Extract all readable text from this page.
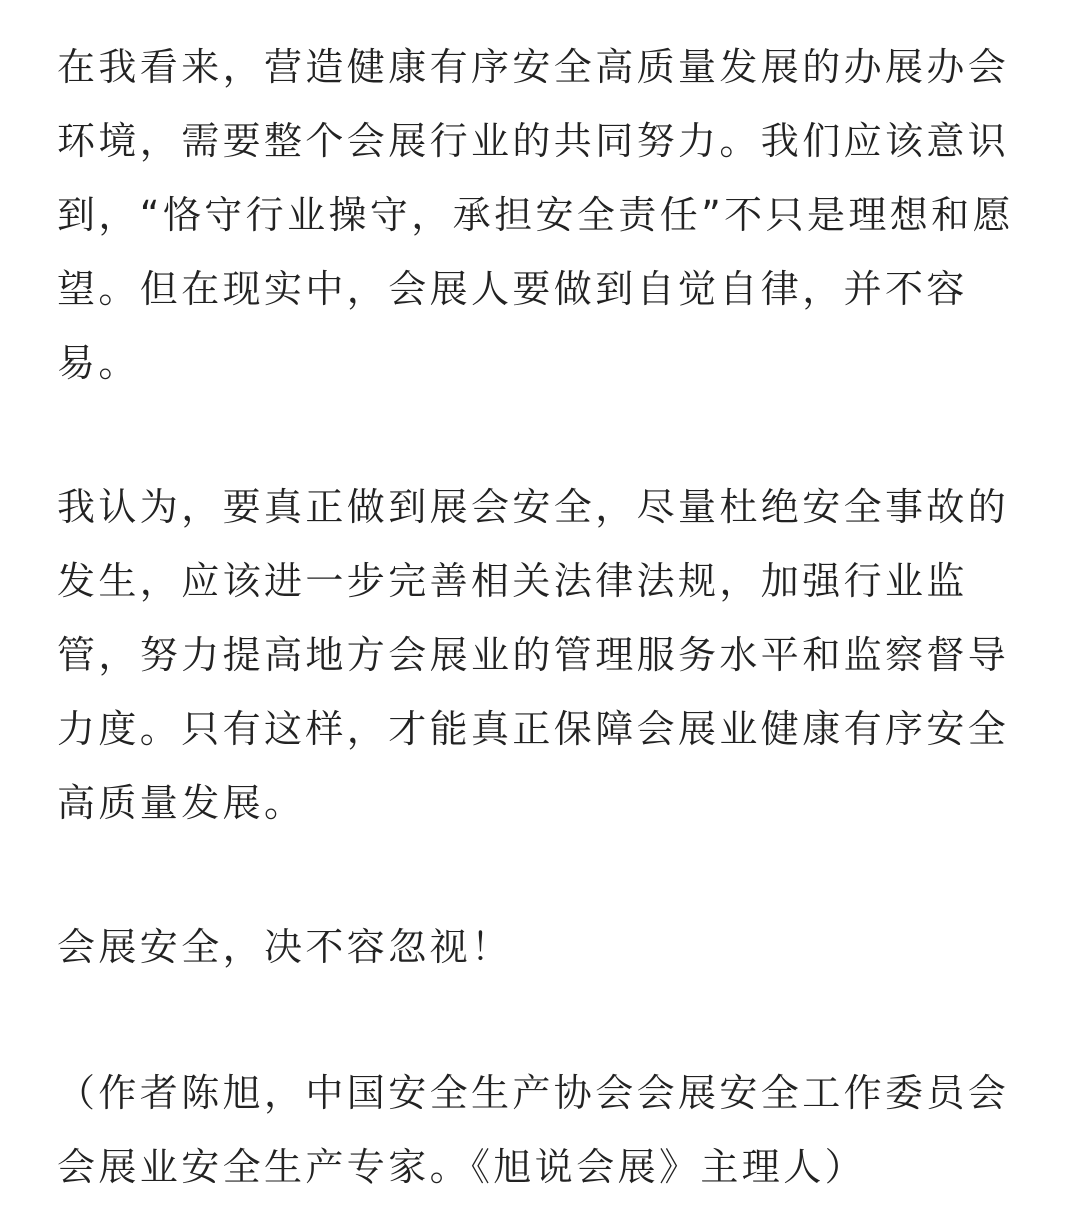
在我看来，营造健康有序安全高质量发展的办展办会环境，需要整个会展行业的共同努力。我们应该意识到，“恪守行业操守，承担安全责任”不只是理想和愿望。但在现实中，会展人要做到自觉自律，并不容易。

我认为，要真正做到展会安全，尽量杜绝安全事故的发生，应该进一步完善相关法律法规，加强行业监管，努力提高地方会展业的管理服务水平和监察督导力度。只有这样，才能真正保障会展业健康有序安全高质量发展。

会展安全，决不容忽视！

（作者陈旭，中国安全生产协会会展安全工作委员会会展业安全生产专家。《旭说会展》主理人）
